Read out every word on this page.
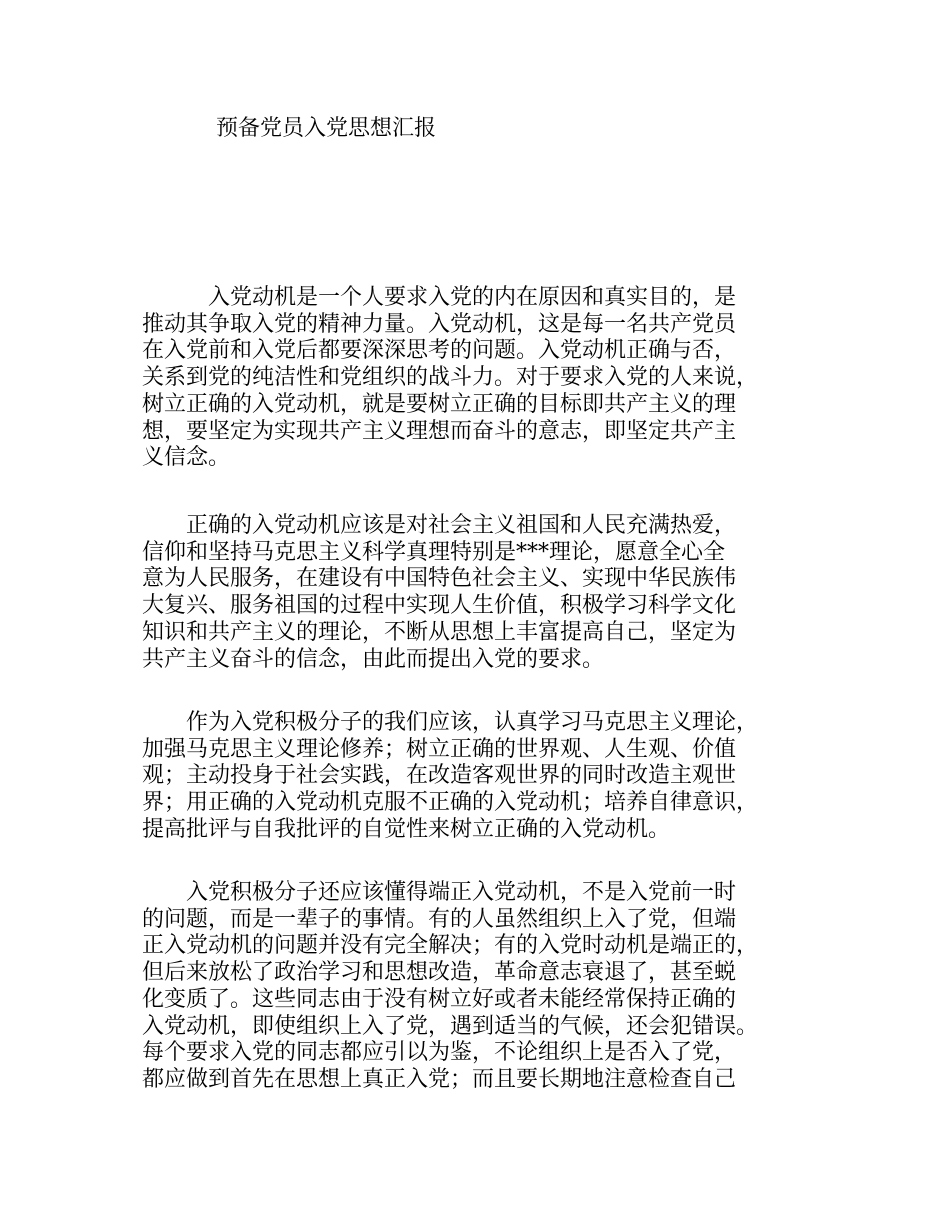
预备党员入党思想汇报
　　　入党动机是一个人要求入党的内在原因和真实目的，是
推动其争取入党的精神力量。入党动机，这是每一名共产党员
在入党前和入党后都要深深思考的问题。入党动机正确与否，
关系到党的纯洁性和党组织的战斗力。对于要求入党的人来说，
树立正确的入党动机，就是要树立正确的目标即共产主义的理
想，要坚定为实现共产主义理想而奋斗的意志，即坚定共产主
义信念。
　　正确的入党动机应该是对社会主义祖国和人民充满热爱，
信仰和坚持马克思主义科学真理特别是***理论，愿意全心全
意为人民服务，在建设有中国特色社会主义、实现中华民族伟
大复兴、服务祖国的过程中实现人生价值，积极学习科学文化
知识和共产主义的理论，不断从思想上丰富提高自己，坚定为
共产主义奋斗的信念，由此而提出入党的要求。
　　作为入党积极分子的我们应该，认真学习马克思主义理论，
加强马克思主义理论修养；树立正确的世界观、人生观、价值
观；主动投身于社会实践，在改造客观世界的同时改造主观世
界；用正确的入党动机克服不正确的入党动机；培养自律意识，
提高批评与自我批评的自觉性来树立正确的入党动机。
　　入党积极分子还应该懂得端正入党动机，不是入党前一时
的问题，而是一辈子的事情。有的人虽然组织上入了党，但端
正入党动机的问题并没有完全解决；有的入党时动机是端正的，
但后来放松了政治学习和思想改造，革命意志衰退了，甚至蜕
化变质了。这些同志由于没有树立好或者未能经常保持正确的
入党动机，即使组织上入了党，遇到适当的气候，还会犯错误。
每个要求入党的同志都应引以为鉴，不论组织上是否入了党，
都应做到首先在思想上真正入党；而且要长期地注意检查自己
